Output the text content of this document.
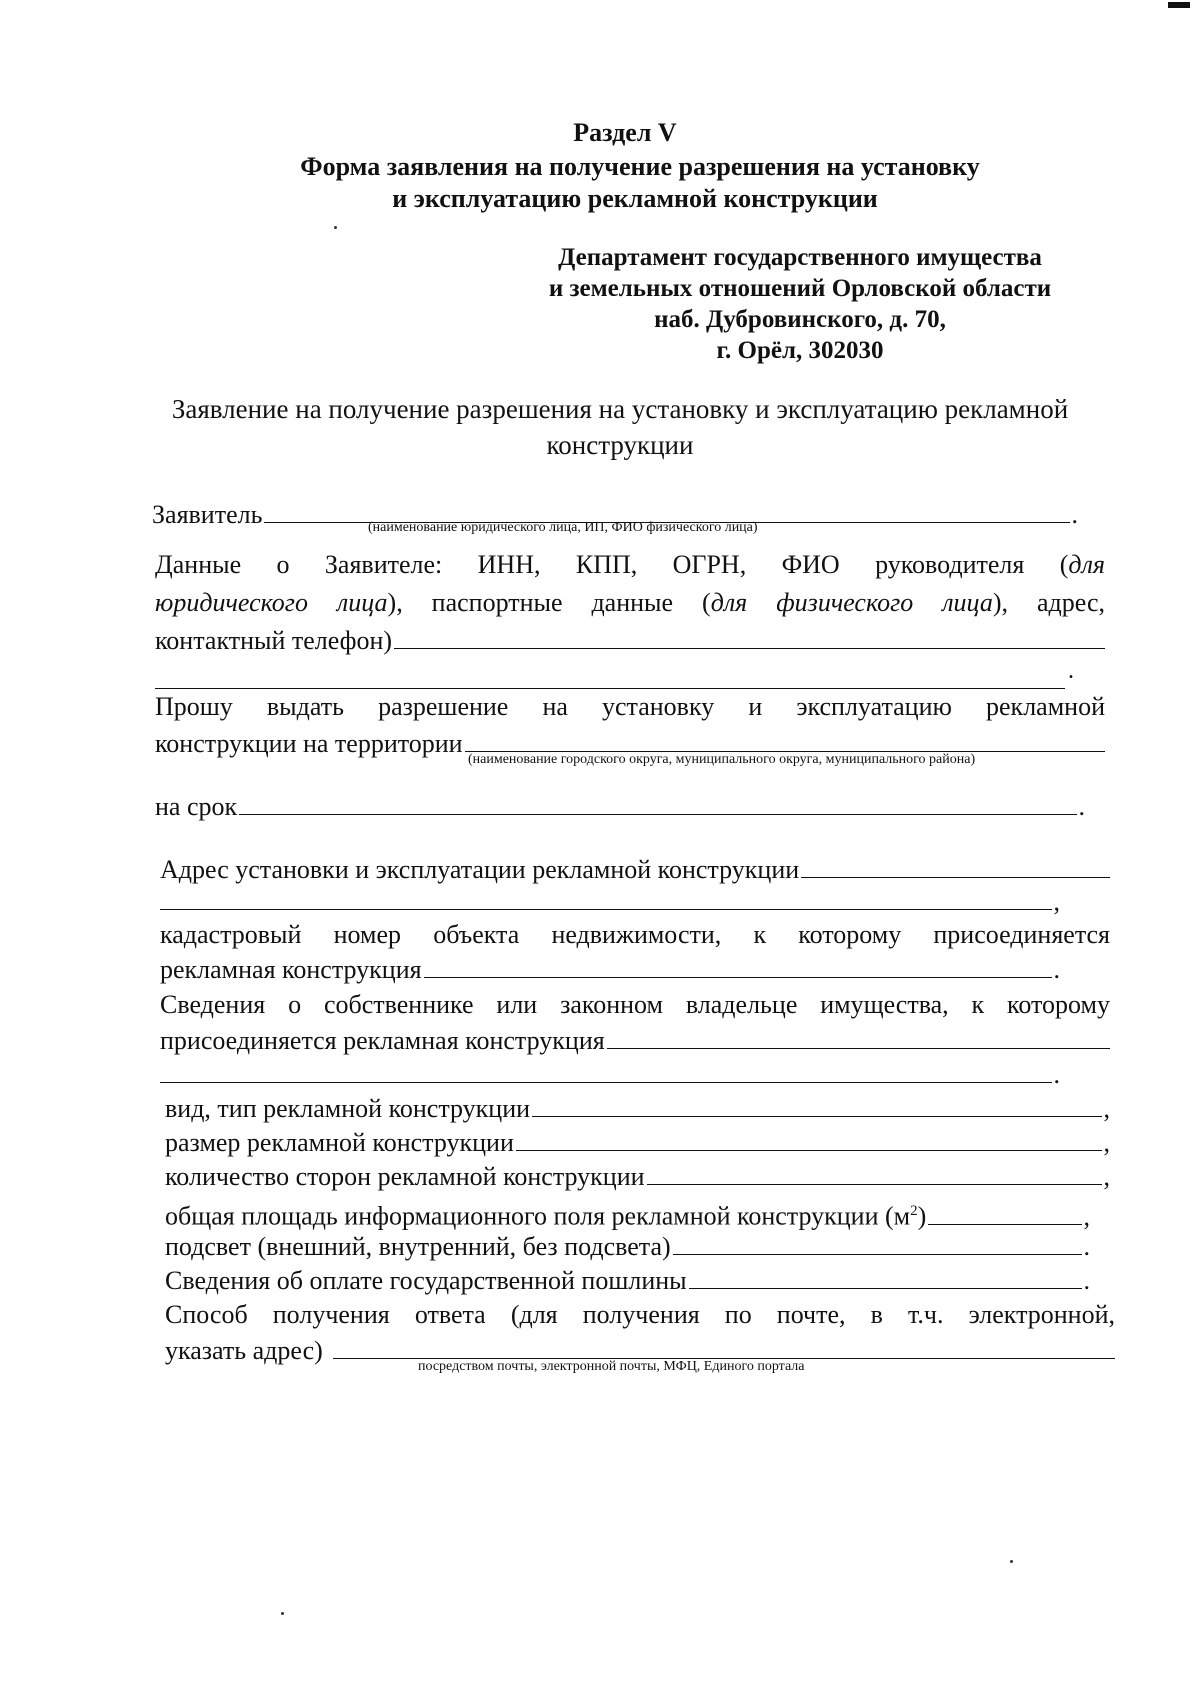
Раздел V
Форма заявления на получение разрешения на установку
и эксплуатацию рекламной конструкции
Департамент государственного имущества
и земельных отношений Орловской области
наб. Дубровинского, д. 70,
г. Орёл, 302030
Заявление на получение разрешения на установку и эксплуатацию рекламной
конструкции
Заявитель	.
(наименование юридического лица, ИП, ФИО физического лица)
Данные о Заявителе: ИНН, КПП, ОГРН, ФИО руководителя (для
юридического лица), паспортные данные (для физического лица), адрес,
контактный телефон)
.
Прошу выдать разрешение на установку и эксплуатацию рекламной
конструкции на территории
(наименование городского округа, муниципального округа, муниципального района)
на срок	.
Адрес установки и эксплуатации рекламной конструкции
,
кадастровый номер объекта недвижимости, к которому присоединяется
рекламная конструкция	.
Сведения о собственнике или законном владельце имущества, к которому
присоединяется рекламная конструкция
.
вид, тип рекламной конструкции	,
размер рекламной конструкции	,
количество сторон рекламной конструкции	,
общая площадь информационного поля рекламной конструкции $(м^2)$	,
подсвет (внешний, внутренний, без подсвета)	.
Сведения об оплате государственной пошлины	.
Способ получения ответа (для получения по почте, в т.ч. электронной,
указать адрес)
посредством почты, электронной почты, МФЦ, Единого портала
